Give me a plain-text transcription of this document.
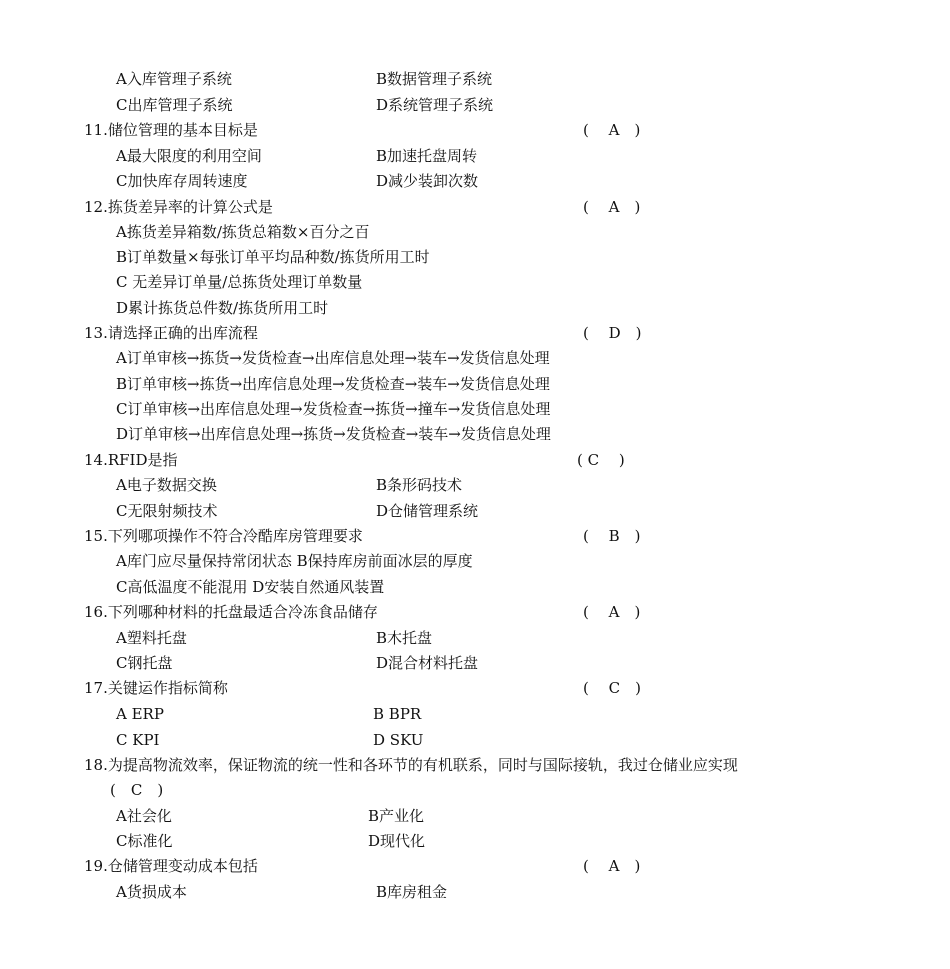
A入库管理子系统	B数据管理子系统
C出库管理子系统	D系统管理子系统
11.储位管理的基本目标是	(　 A　)
A最大限度的利用空间	B加速托盘周转
C加快库存周转速度	D减少装卸次数
12.拣货差异率的计算公式是	(　 A　)
A拣货差异箱数/拣货总箱数×百分之百
B订单数量×每张订单平均品种数/拣货所用工时
C 无差异订单量/总拣货处理订单数量
D累计拣货总件数/拣货所用工时
13.请选择正确的出库流程	(　 D　)
A订单审核→拣货→发货检查→出库信息处理→装车→发货信息处理
B订单审核→拣货→出库信息处理→发货检查→装车→发货信息处理
C订单审核→出库信息处理→发货检查→拣货→撞车→发货信息处理
D订单审核→出库信息处理→拣货→发货检查→装车→发货信息处理
14.RFID是指	( C　 )
A电子数据交换	B条形码技术
C无限射频技术	D仓储管理系统
15.下列哪项操作不符合冷酷库房管理要求	(　 B　)
A库门应尽量保持常闭状态 B保持库房前面冰层的厚度
C高低温度不能混用 D安装自然通风装置
16.下列哪种材料的托盘最适合冷冻食品储存	(　 A　)
A塑料托盘	B木托盘
C钢托盘	D混合材料托盘
17.关键运作指标简称	(　 C　)
A ERP	B BPR
C KPI	D SKU
18.为提高物流效率，保证物流的统一性和各环节的有机联系，同时与国际接轨，我过仓储业应实现
(　C　)
A社会化	B产业化
C标准化	D现代化
19.仓储管理变动成本包括	(　 A　)
A货损成本	B库房租金
